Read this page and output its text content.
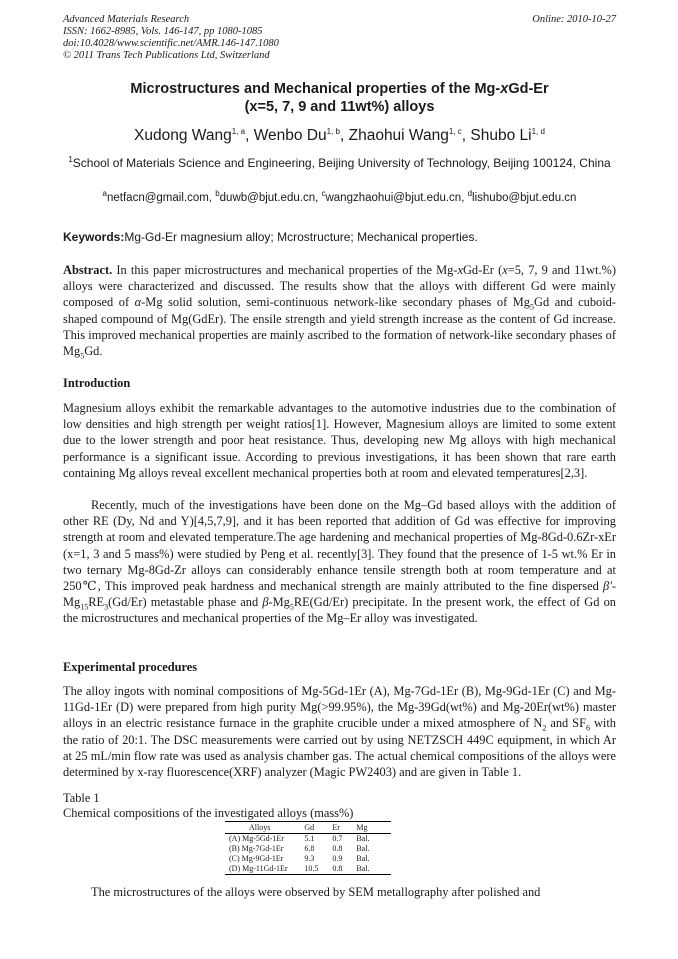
Advanced Materials Research
ISSN: 1662-8985, Vols. 146-147, pp 1080-1085
doi:10.4028/www.scientific.net/AMR.146-147.1080
© 2011 Trans Tech Publications Ltd, Switzerland
Online: 2010-10-27
Microstructures and Mechanical properties of the Mg-xGd-Er
(x=5, 7, 9 and 11wt%) alloys
Xudong Wang$^{1, a}$, Wenbo Du$^{1, b}$, Zhaohui Wang$^{1, c}$, Shubo Li$^{1, d}$
$^1$School of Materials Science and Engineering, Beijing University of Technology, Beijing 100124, China
$^a$netfacn@gmail.com, $^b$duwb@bjut.edu.cn, $^c$wangzhaohui@bjut.edu.cn, $^d$lishubo@bjut.edu.cn
Keywords:Mg-Gd-Er magnesium alloy; Mcrostructure; Mechanical properties.
Abstract. In this paper microstructures and mechanical properties of the Mg-xGd-Er (x=5, 7, 9 and 11wt.%) alloys were characterized and discussed. The results show that the alloys with different Gd were mainly composed of α-Mg solid solution, semi-continuous network-like secondary phases of $Mg_5Gd$ and cuboid-shaped compound of Mg(GdEr). The ensile strength and yield strength increase as the content of Gd increase. This improved mechanical properties are mainly ascribed to the formation of network-like secondary phases of $Mg_5Gd$.
Introduction
Magnesium alloys exhibit the remarkable advantages to the automotive industries due to the combination of low densities and high strength per weight ratios[1]. However, Magnesium alloys are limited to some extent due to the lower strength and poor heat resistance. Thus, developing new Mg alloys with high mechanical performance is a significant issue. According to previous investigations, it has been shown that rare earth containing Mg alloys reveal excellent mechanical properties both at room and elevated temperatures[2,3].
Recently, much of the investigations have been done on the Mg–Gd based alloys with the addition of other RE (Dy, Nd and Y)[4,5,7,9], and it has been reported that addition of Gd was effective for improving strength at room and elevated temperature.The age hardening and mechanical properties of Mg-8Gd-0.6Zr-xEr (x=1, 3 and 5 mass%) were studied by Peng et al. recently[3]. They found that the presence of 1-5 wt.% Er in two ternary Mg-8Gd-Zr alloys can considerably enhance tensile strength both at room temperature and at 250℃, This improved peak hardness and mechanical strength are mainly attributed to the fine dispersed $\beta'-Mg_{15}RE_3(Gd/Er)$ metastable phase and $\beta-Mg_5RE(Gd/Er)$ precipitate. In the present work, the effect of Gd on the microstructures and mechanical properties of the Mg–Er alloy was investigated.
Experimental procedures
The alloy ingots with nominal compositions of Mg-5Gd-1Er (A), Mg-7Gd-1Er (B), Mg-9Gd-1Er (C) and Mg-11Gd-1Er (D) were prepared from high purity Mg(>99.95%), the Mg-39Gd(wt%) and Mg-20Er(wt%) master alloys in an electric resistance furnace in the graphite crucible under a mixed atmosphere of $N_2$ and $SF_6$ with the ratio of 20:1. The DSC measurements were carried out by using NETZSCH 449C equipment, in which Ar at 25 mL/min flow rate was used as analysis chamber gas. The actual chemical compositions of the alloys were determined by x-ray fluorescence(XRF) analyzer (Magic PW2403) and are given in Table 1.
Table 1
Chemical compositions of the investigated alloys (mass%)
Alloys	Gd	Er	Mg
(A) Mg-5Gd-1Er	5.1	0.7	Bal.
(B) Mg-7Gd-1Er	6.8	0.8	Bal.
(C) Mg-9Gd-1Er	9.3	0.9	Bal.
(D) Mg-11Gd-1Er	10.5	0.8	Bal.
The microstructures of the alloys were observed by SEM metallography after polished and
